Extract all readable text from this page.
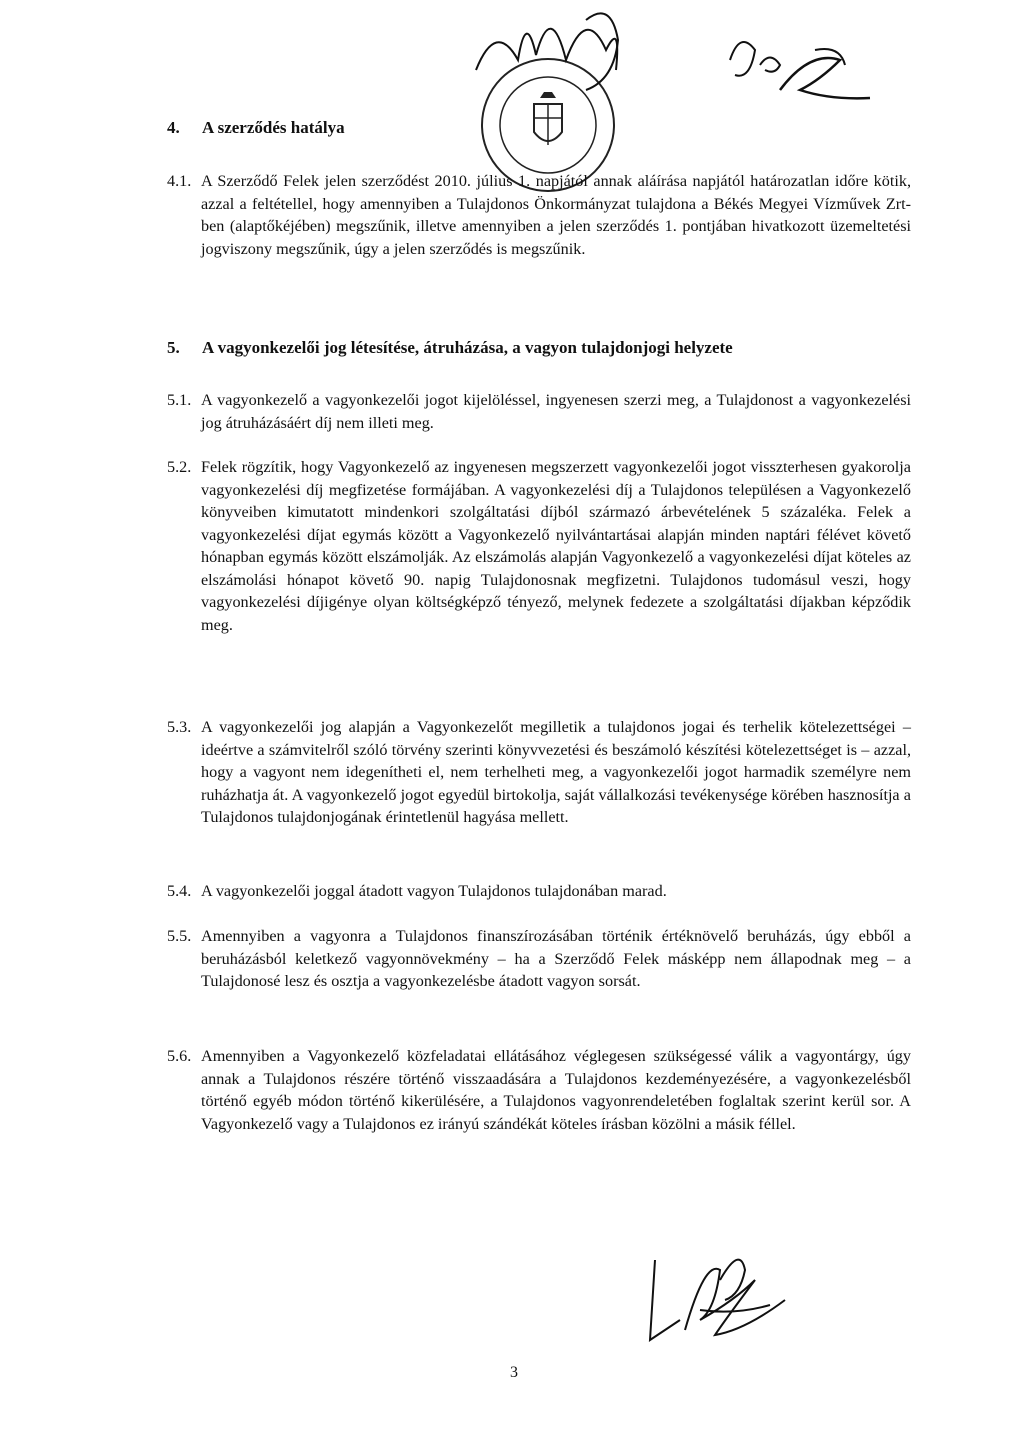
4.	A szerződés hatálya
4.1. A Szerződő Felek jelen szerződést 2010. július 1. napjától annak aláírása napjától határozatlan időre kötik, azzal a feltétellel, hogy amennyiben a Tulajdonos Önkormányzat tulajdona a Békés Megyei Vízművek Zrt-ben (alaptőkéjében) megszűnik, illetve amennyiben a jelen szerződés 1. pontjában hivatkozott üzemeltetési jogviszony megszűnik, úgy a jelen szerződés is megszűnik.
5.	A vagyonkezelői jog létesítése, átruházása, a vagyon tulajdonjogi helyzete
5.1. A vagyonkezelő a vagyonkezelői jogot kijelöléssel, ingyenesen szerzi meg, a Tulajdonost a vagyonkezelési jog átruházásáért díj nem illeti meg.
5.2. Felek rögzítik, hogy Vagyonkezelő az ingyenesen megszerzett vagyonkezelői jogot visszterhesen gyakorolja vagyonkezelési díj megfizetése formájában. A vagyonkezelési díj a Tulajdonos településen a Vagyonkezelő könyveiben kimutatott mindenkori szolgáltatási díjból származó árbevételének 5 százaléka. Felek a vagyonkezelési díjat egymás között a Vagyonkezelő nyilvántartásai alapján minden naptári félévet követő hónapban egymás között elszámolják. Az elszámolás alapján Vagyonkezelő a vagyonkezelési díjat köteles az elszámolási hónapot követő 90. napig Tulajdonosnak megfizetni. Tulajdonos tudomásul veszi, hogy vagyonkezelési díjigénye olyan költségképző tényező, melynek fedezete a szolgáltatási díjakban képződik meg.
5.3. A vagyonkezelői jog alapján a Vagyonkezelőt megilletik a tulajdonos jogai és terhelik kötelezettségei – ideértve a számvitelről szóló törvény szerinti könyvvezetési és beszámoló készítési kötelezettséget is – azzal, hogy a vagyont nem idegenítheti el, nem terhelheti meg, a vagyonkezelői jogot harmadik személyre nem ruházhatja át. A vagyonkezelő jogot egyedül birtokolja, saját vállalkozási tevékenysége körében hasznosítja a Tulajdonos tulajdonjogának érintetlenül hagyása mellett.
5.4. A vagyonkezelői joggal átadott vagyon Tulajdonos tulajdonában marad.
5.5. Amennyiben a vagyonra a Tulajdonos finanszírozásában történik értéknövelő beruházás, úgy ebből a beruházásból keletkező vagyonnövekmény – ha a Szerződő Felek másképp nem állapodnak meg – a Tulajdonosé lesz és osztja a vagyonkezelésbe átadott vagyon sorsát.
5.6. Amennyiben a Vagyonkezelő közfeladatai ellátásához véglegesen szükségessé válik a vagyontárgy, úgy annak a Tulajdonos részére történő visszaadására a Tulajdonos kezdeményezésére, a vagyonkezelésből történő egyéb módon történő kikerülésére, a Tulajdonos vagyonrendeletében foglaltak szerint kerül sor. A Vagyonkezelő vagy a Tulajdonos ez irányú szándékát köteles írásban közölni a másik féllel.
3
